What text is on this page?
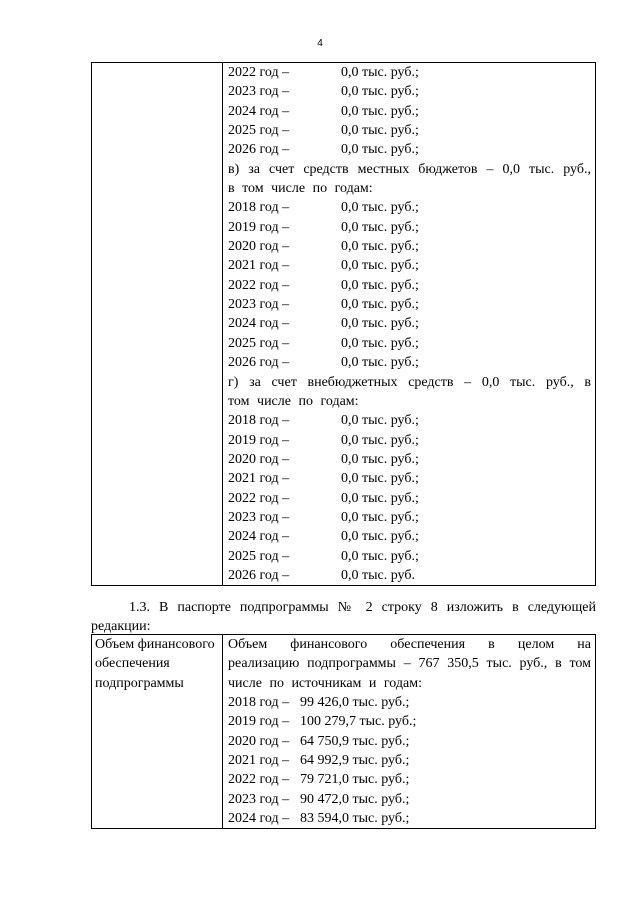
4

2022 год –	0,0 тыс. руб.;
2023 год –	0,0 тыс. руб.;
2024 год –	0,0 тыс. руб.;
2025 год –	0,0 тыс. руб.;
2026 год –	0,0 тыс. руб.;
в) за счет средств местных бюджетов – 0,0 тыс. руб., в том числе по годам:
2018 год –	0,0 тыс. руб.;
2019 год –	0,0 тыс. руб.;
2020 год –	0,0 тыс. руб.;
2021 год –	0,0 тыс. руб.;
2022 год –	0,0 тыс. руб.;
2023 год –	0,0 тыс. руб.;
2024 год –	0,0 тыс. руб.;
2025 год –	0,0 тыс. руб.;
2026 год –	0,0 тыс. руб.;
г) за счет внебюджетных средств – 0,0 тыс. руб., в том числе по годам:
2018 год –	0,0 тыс. руб.;
2019 год –	0,0 тыс. руб.;
2020 год –	0,0 тыс. руб.;
2021 год –	0,0 тыс. руб.;
2022 год –	0,0 тыс. руб.;
2023 год –	0,0 тыс. руб.;
2024 год –	0,0 тыс. руб.;
2025 год –	0,0 тыс. руб.;
2026 год –	0,0 тыс. руб.
1.3. В паспорте подпрограммы № 2 строку 8 изложить в следующей редакции:
Объем финансового обеспечения подпрограммы

Объем финансового обеспечения в целом на реализацию подпрограммы – 767 350,5 тыс. руб., в том числе по источникам и годам:
2018 год – 99 426,0 тыс. руб.;
2019 год – 100 279,7 тыс. руб.;
2020 год – 64 750,9 тыс. руб.;
2021 год – 64 992,9 тыс. руб.;
2022 год – 79 721,0 тыс. руб.;
2023 год – 90 472,0 тыс. руб.;
2024 год – 83 594,0 тыс. руб.;
